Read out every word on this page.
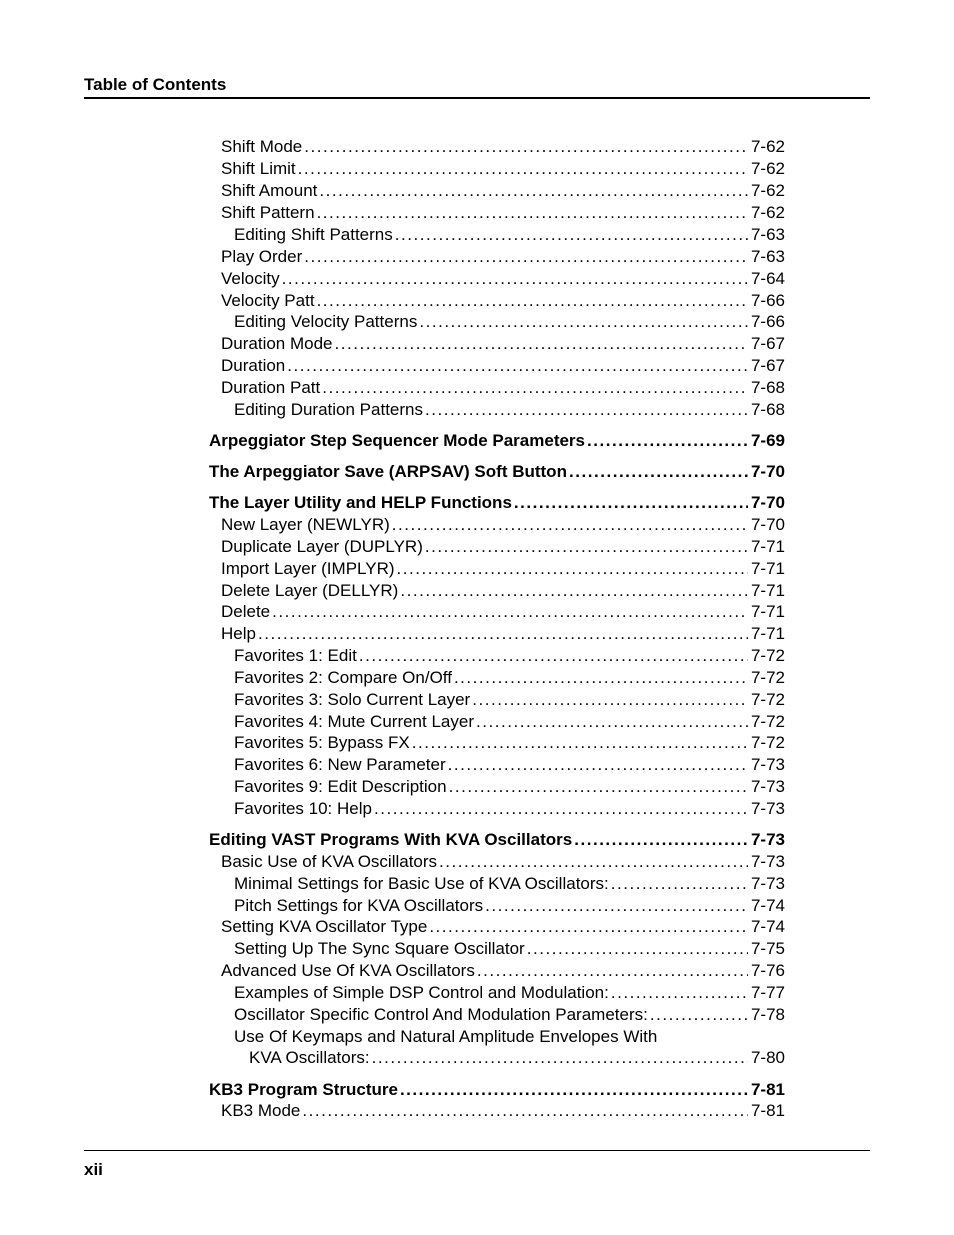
Table of Contents
Shift Mode . . .	7-62
Shift Limit . . .	7-62
Shift Amount . . .	7-62
Shift Pattern . . .	7-62
Editing Shift Patterns . . .	7-63
Play Order . . .	7-63
Velocity . . .	7-64
Velocity Patt . . .	7-66
Editing Velocity Patterns . . .	7-66
Duration Mode . . .	7-67
Duration . . .	7-67
Duration Patt . . .	7-68
Editing Duration Patterns . . .	7-68
Arpeggiator Step Sequencer Mode Parameters . . .	7-69
The Arpeggiator Save (ARPSAV) Soft Button . . .	7-70
The Layer Utility and HELP Functions . . .	7-70
New Layer (NEWLYR) . . .	7-70
Duplicate Layer (DUPLYR) . . .	7-71
Import Layer (IMPLYR) . . .	7-71
Delete Layer (DELLYR) . . .	7-71
Delete . . .	7-71
Help . . .	7-71
Favorites 1: Edit . . .	7-72
Favorites 2: Compare On/Off . . .	7-72
Favorites 3: Solo Current Layer . . .	7-72
Favorites 4: Mute Current Layer . . .	7-72
Favorites 5: Bypass FX . . .	7-72
Favorites 6: New Parameter . . .	7-73
Favorites 9: Edit Description . . .	7-73
Favorites 10: Help . . .	7-73
Editing VAST Programs With KVA Oscillators . . .	7-73
Basic Use of KVA Oscillators . . .	7-73
Minimal Settings for Basic Use of KVA Oscillators: . . .	7-73
Pitch Settings for KVA Oscillators . . .	7-74
Setting KVA Oscillator Type . . .	7-74
Setting Up The Sync Square Oscillator . . .	7-75
Advanced Use Of KVA Oscillators . . .	7-76
Examples of Simple DSP Control and Modulation: . . .	7-77
Oscillator Specific Control And Modulation Parameters: . . .	7-78
Use Of Keymaps and Natural Amplitude Envelopes With
KVA Oscillators: . . .	7-80
KB3 Program Structure . . .	7-81
KB3 Mode . . .	7-81
xii
